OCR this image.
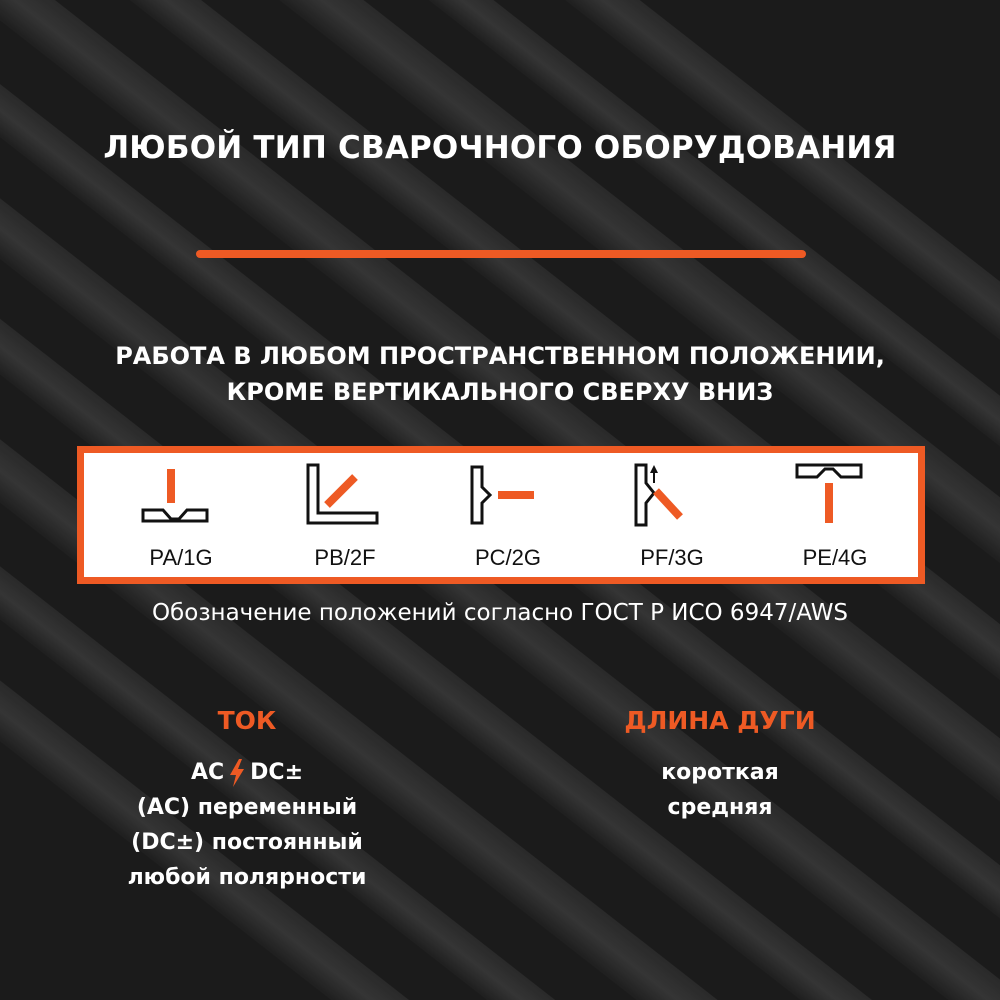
ЛЮБОЙ ТИП СВАРОЧНОГО ОБОРУДОВАНИЯ
РАБОТА В ЛЮБОМ ПРОСТРАНСТВЕННОМ ПОЛОЖЕНИИ,
КРОМЕ ВЕРТИКАЛЬНОГО СВЕРХУ ВНИЗ
PA/1G	PB/2F	PC/2G	PF/3G	PE/4G
Обозначение положений согласно ГОСТ Р ИСО 6947/AWS
ТОК
AC DC±
(AC) переменный
(DC±) постоянный
любой полярности
ДЛИНА ДУГИ
короткая
средняя
